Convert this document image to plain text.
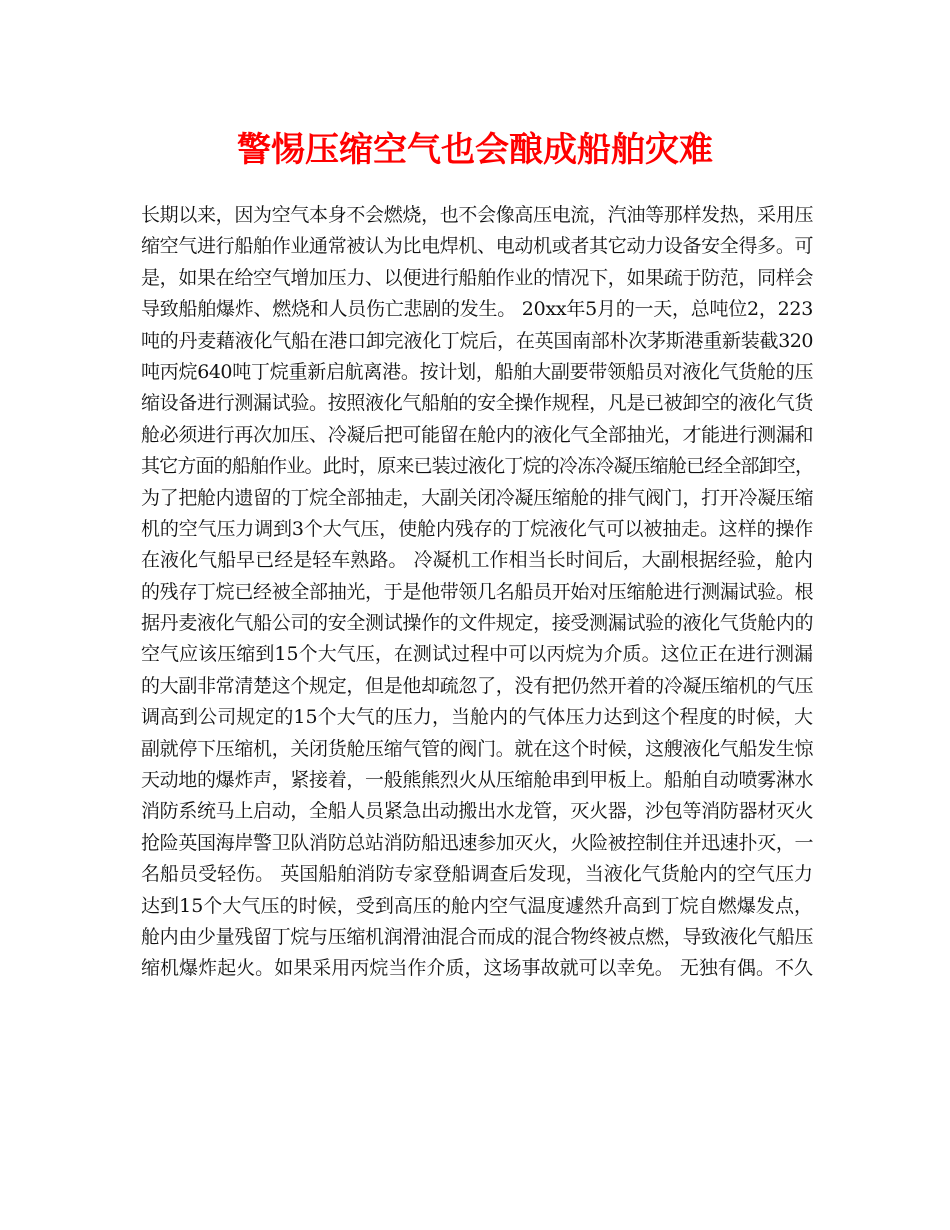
警惕压缩空气也会酿成船舶灾难
长期以来，因为空气本身不会燃烧，也不会像高压电流，汽油等那样发热，采用压
缩空气进行船舶作业通常被认为比电焊机、电动机或者其它动力设备安全得多。可
是，如果在给空气增加压力、以便进行船舶作业的情况下，如果疏于防范，同样会
导致船舶爆炸、燃烧和人员伤亡悲剧的发生。 20xx年5月的一天，总吨位2，223
吨的丹麦藉液化气船在港口卸完液化丁烷后，在英国南部朴次茅斯港重新装截320
吨丙烷640吨丁烷重新启航离港。按计划，船舶大副要带领船员对液化气货舱的压
缩设备进行测漏试验。按照液化气船舶的安全操作规程，凡是已被卸空的液化气货
舱必须进行再次加压、冷凝后把可能留在舱内的液化气全部抽光，才能进行测漏和
其它方面的船舶作业。此时，原来已装过液化丁烷的冷冻冷凝压缩舱已经全部卸空，
为了把舱内遗留的丁烷全部抽走，大副关闭冷凝压缩舱的排气阀门，打开冷凝压缩
机的空气压力调到3个大气压，使舱内残存的丁烷液化气可以被抽走。这样的操作
在液化气船早已经是轻车熟路。 冷凝机工作相当长时间后，大副根据经验，舱内
的残存丁烷已经被全部抽光，于是他带领几名船员开始对压缩舱进行测漏试验。根
据丹麦液化气船公司的安全测试操作的文件规定，接受测漏试验的液化气货舱内的
空气应该压缩到15个大气压，在测试过程中可以丙烷为介质。这位正在进行测漏
的大副非常清楚这个规定，但是他却疏忽了，没有把仍然开着的冷凝压缩机的气压
调高到公司规定的15个大气的压力，当舱内的气体压力达到这个程度的时候，大
副就停下压缩机，关闭货舱压缩气管的阀门。就在这个时候，这艘液化气船发生惊
天动地的爆炸声，紧接着，一般熊熊烈火从压缩舱串到甲板上。船舶自动喷雾淋水
消防系统马上启动，全船人员紧急出动搬出水龙管，灭火器，沙包等消防器材灭火
抢险英国海岸警卫队消防总站消防船迅速参加灭火，火险被控制住并迅速扑灭，一
名船员受轻伤。 英国船舶消防专家登船调查后发现，当液化气货舱内的空气压力
达到15个大气压的时候，受到高压的舱内空气温度遽然升高到丁烷自燃爆发点，
舱内由少量残留丁烷与压缩机润滑油混合而成的混合物终被点燃，导致液化气船压
缩机爆炸起火。如果采用丙烷当作介质，这场事故就可以幸免。 无独有偶。不久
